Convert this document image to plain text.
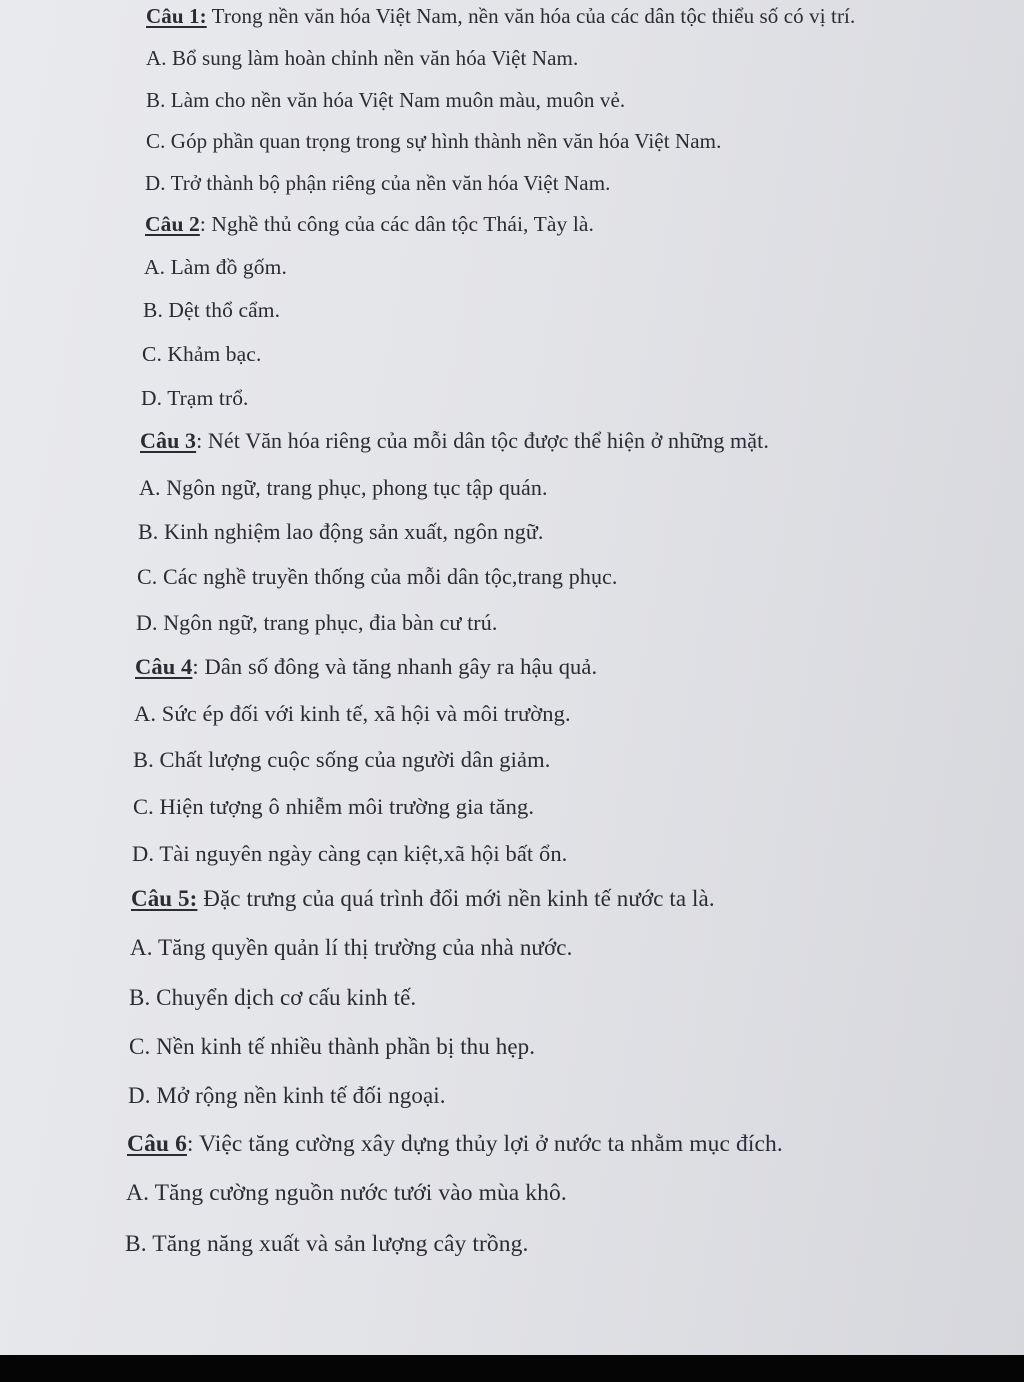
Câu 1: Trong nền văn hóa Việt Nam, nền văn hóa của các dân tộc thiểu số có vị trí.
A. Bổ sung làm hoàn chỉnh nền văn hóa Việt Nam.
B. Làm cho nền văn hóa Việt Nam muôn màu, muôn vẻ.
C. Góp phần quan trọng trong sự hình thành nền văn hóa Việt Nam.
D. Trở thành bộ phận riêng của nền văn hóa Việt Nam.
Câu 2: Nghề thủ công của các dân tộc Thái, Tày là.
A. Làm đồ gốm.
B. Dệt thổ cẩm.
C. Khảm bạc.
D. Trạm trổ.
Câu 3: Nét Văn hóa riêng của mỗi dân tộc được thể hiện ở những mặt.
A. Ngôn ngữ, trang phục, phong tục tập quán.
B. Kinh nghiệm lao động sản xuất, ngôn ngữ.
C. Các nghề truyền thống của mỗi dân tộc,trang phục.
D. Ngôn ngữ, trang phục, đia bàn cư trú.
Câu 4: Dân số đông và tăng nhanh gây ra hậu quả.
A. Sức ép đối với kinh tế, xã hội và môi trường.
B. Chất lượng cuộc sống của người dân giảm.
C. Hiện tượng ô nhiễm môi trường gia tăng.
D. Tài nguyên ngày càng cạn kiệt,xã hội bất ổn.
Câu 5: Đặc trưng của quá trình đổi mới nền kinh tế nước ta là.
A. Tăng quyền quản lí thị trường của nhà nước.
B. Chuyển dịch cơ cấu kinh tế.
C. Nền kinh tế nhiều thành phần bị thu hẹp.
D. Mở rộng nền kinh tế đối ngoại.
Câu 6: Việc tăng cường xây dựng thủy lợi ở nước ta nhằm mục đích.
A. Tăng cường nguồn nước tưới vào mùa khô.
B. Tăng năng xuất và sản lượng cây trồng.
